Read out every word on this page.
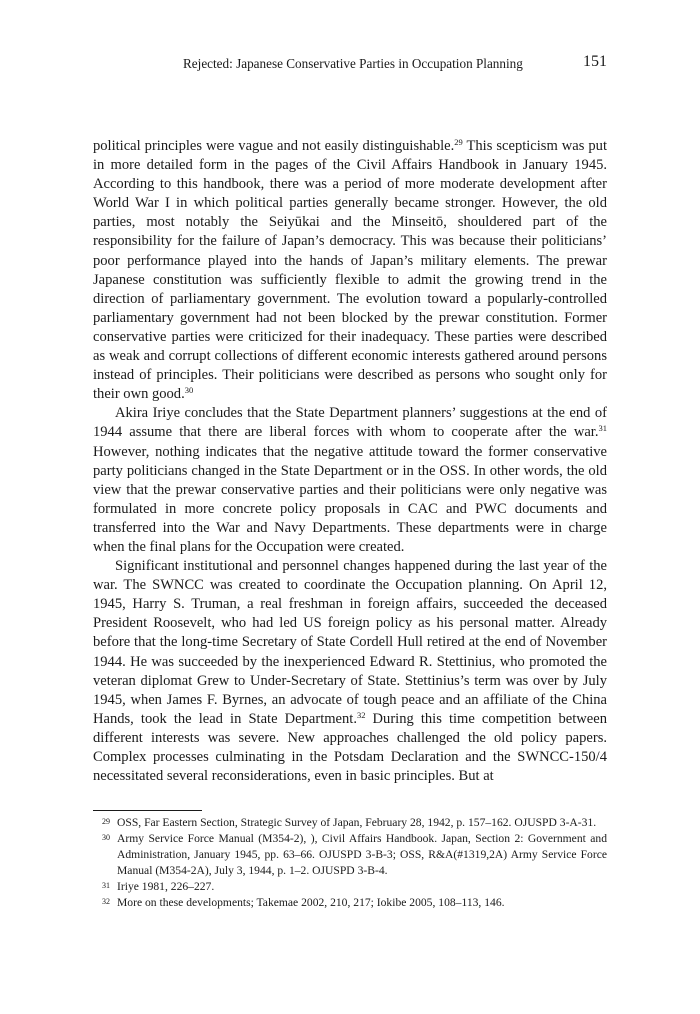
Rejected: Japanese Conservative Parties in Occupation Planning	151

political principles were vague and not easily distinguishable.$^{29}$ This scepticism was put in more detailed form in the pages of the Civil Affairs Handbook in January 1945. According to this handbook, there was a period of more moderate development after World War I in which political parties generally became stronger. However, the old parties, most notably the Seiyūkai and the Minseitō, shouldered part of the responsibility for the failure of Japan’s democracy. This was because their politicians’ poor performance played into the hands of Japan’s military elements. The prewar Japanese constitution was sufficiently flexible to admit the growing trend in the direction of parliamentary government. The evolution toward a popularly-controlled parliamentary government had not been blocked by the prewar constitution. Former conservative parties were criticized for their inadequacy. These parties were described as weak and corrupt collections of different economic interests gathered around persons instead of principles. Their politicians were described as persons who sought only for their own good.$^{30}$

Akira Iriye concludes that the State Department planners’ suggestions at the end of 1944 assume that there are liberal forces with whom to cooperate after the war.$^{31}$ However, nothing indicates that the negative attitude toward the former conservative party politicians changed in the State Department or in the OSS. In other words, the old view that the prewar conservative parties and their politicians were only negative was formulated in more concrete policy proposals in CAC and PWC documents and transferred into the War and Navy Departments. These departments were in charge when the final plans for the Occupation were created.

Significant institutional and personnel changes happened during the last year of the war. The SWNCC was created to coordinate the Occupation planning. On April 12, 1945, Harry S. Truman, a real freshman in foreign affairs, succeeded the deceased President Roosevelt, who had led US foreign policy as his personal matter. Already before that the long-time Secretary of State Cordell Hull retired at the end of November 1944. He was succeeded by the inexperienced Edward R. Stettinius, who promoted the veteran diplomat Grew to Under-Secretary of State. Stettinius’s term was over by July 1945, when James F. Byrnes, an advocate of tough peace and an affiliate of the China Hands, took the lead in State Department.$^{32}$ During this time competition between different interests was severe. New approaches challenged the old policy papers. Complex processes culminating in the Potsdam Declaration and the SWNCC-150/4 necessitated several reconsiderations, even in basic principles. But at

29 OSS, Far Eastern Section, Strategic Survey of Japan, February 28, 1942, p. 157–162. OJUSPD 3-A-31.
30 Army Service Force Manual (M354-2), ), Civil Affairs Handbook. Japan, Section 2: Government and Administration, January 1945, pp. 63–66. OJUSPD 3-B-3; OSS, R&A(#1319,2A) Army Service Force Manual (M354-2A), July 3, 1944, p. 1–2. OJUSPD 3-B-4.
31 Iriye 1981, 226–227.
32 More on these developments; Takemae 2002, 210, 217; Iokibe 2005, 108–113, 146.
